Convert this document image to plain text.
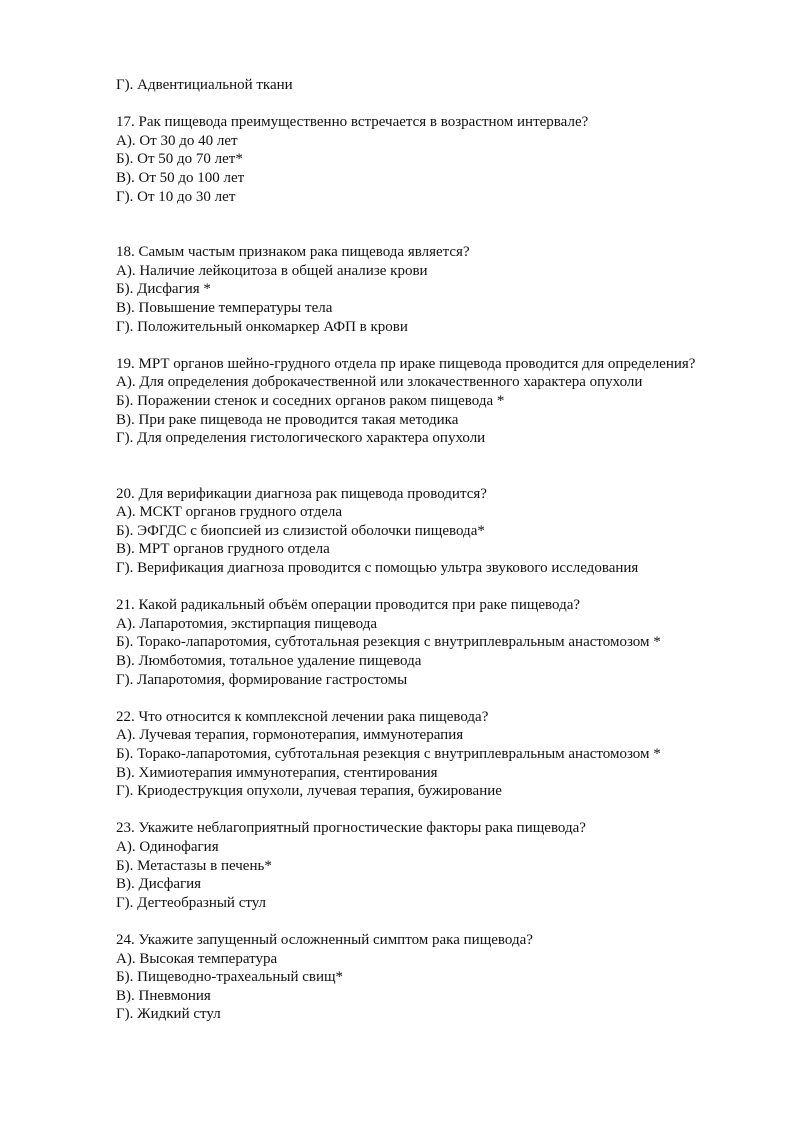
Г). Адвентициальной ткани
17. Рак пищевода преимущественно встречается в возрастном интервале?
А). От 30 до 40 лет
Б). От 50 до 70 лет*
В). От 50 до 100 лет
Г). От 10 до 30 лет
18. Самым частым признаком рака пищевода является?
А). Наличие лейкоцитоза в общей анализе крови
Б). Дисфагия *
В). Повышение температуры тела
Г). Положительный онкомаркер АФП в крови
19. МРТ органов шейно-грудного отдела пр ираке пищевода проводится для определения?
А). Для определения доброкачественной или злокачественного характера опухоли
Б). Поражении стенок и соседних органов раком пищевода *
В). При раке пищевода не проводится такая методика
Г). Для определения гистологического характера опухоли
20. Для верификации диагноза рак пищевода проводится?
А). МСКТ органов грудного отдела
Б). ЭФГДС с биопсией из слизистой оболочки пищевода*
В). МРТ органов грудного отдела
Г). Верификация диагноза проводится с помощью ультра звукового исследования
21. Какой радикальный объём операции проводится при раке пищевода?
А). Лапаротомия, экстирпация пищевода
Б). Торако-лапаротомия, субтотальная резекция с внутриплевральным анастомозом *
В). Люмботомия, тотальное удаление пищевода
Г). Лапаротомия, формирование гастростомы
22. Что относится к комплексной лечении рака пищевода?
А). Лучевая терапия, гормонотерапия, иммунотерапия
Б). Торако-лапаротомия, субтотальная резекция с внутриплевральным анастомозом *
В). Химиотерапия иммунотерапия, стентирования
Г). Криодеструкция опухоли, лучевая терапия, бужирование
23. Укажите неблагоприятный прогностические факторы рака пищевода?
А). Одинофагия
Б). Метастазы в печень*
В). Дисфагия
Г). Дегтеобразный стул
24. Укажите запущенный осложненный симптом рака пищевода?
А). Высокая температура
Б). Пищеводно-трахеальный свищ*
В). Пневмония
Г). Жидкий стул
